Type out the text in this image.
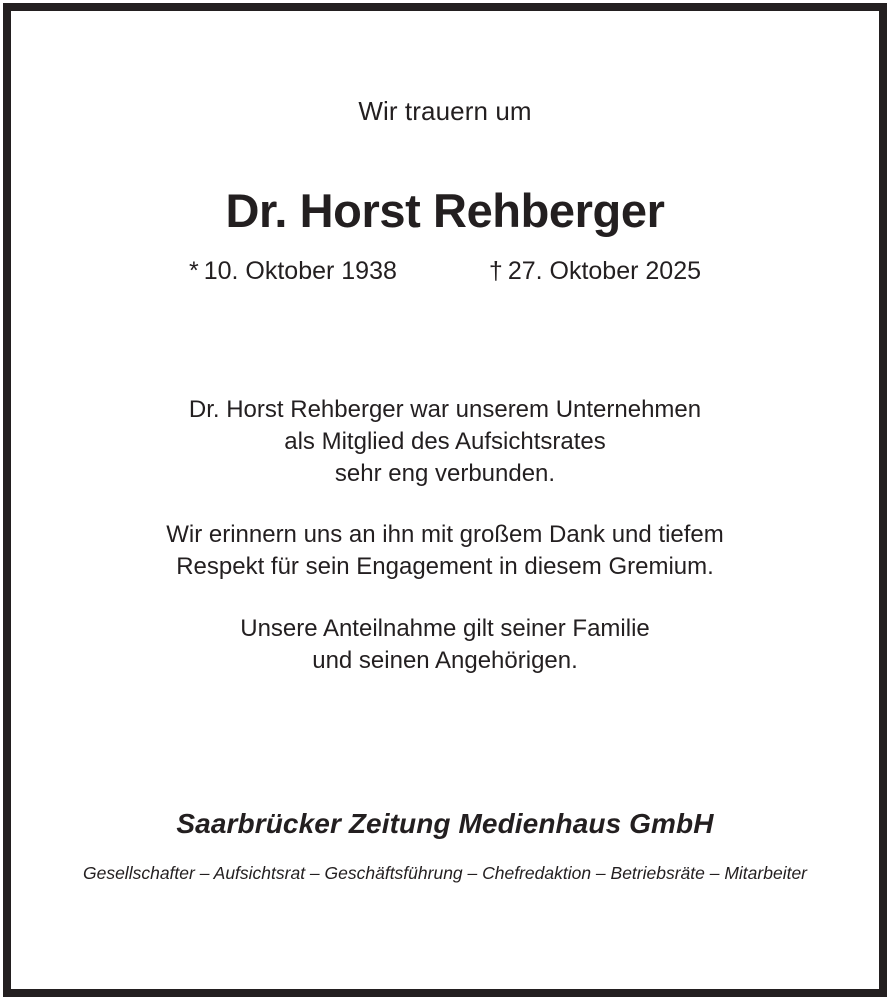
Wir trauern um
Dr. Horst Rehberger
* 10. Oktober 1938	† 27. Oktober 2025

Dr. Horst Rehberger war unserem Unternehmen
als Mitglied des Aufsichtsrates
sehr eng verbunden.

Wir erinnern uns an ihn mit großem Dank und tiefem
Respekt für sein Engagement in diesem Gremium.

Unsere Anteilnahme gilt seiner Familie
und seinen Angehörigen.

Saarbrücker Zeitung Medienhaus GmbH
Gesellschafter – Aufsichtsrat – Geschäftsführung – Chefredaktion – Betriebsräte – Mitarbeiter
